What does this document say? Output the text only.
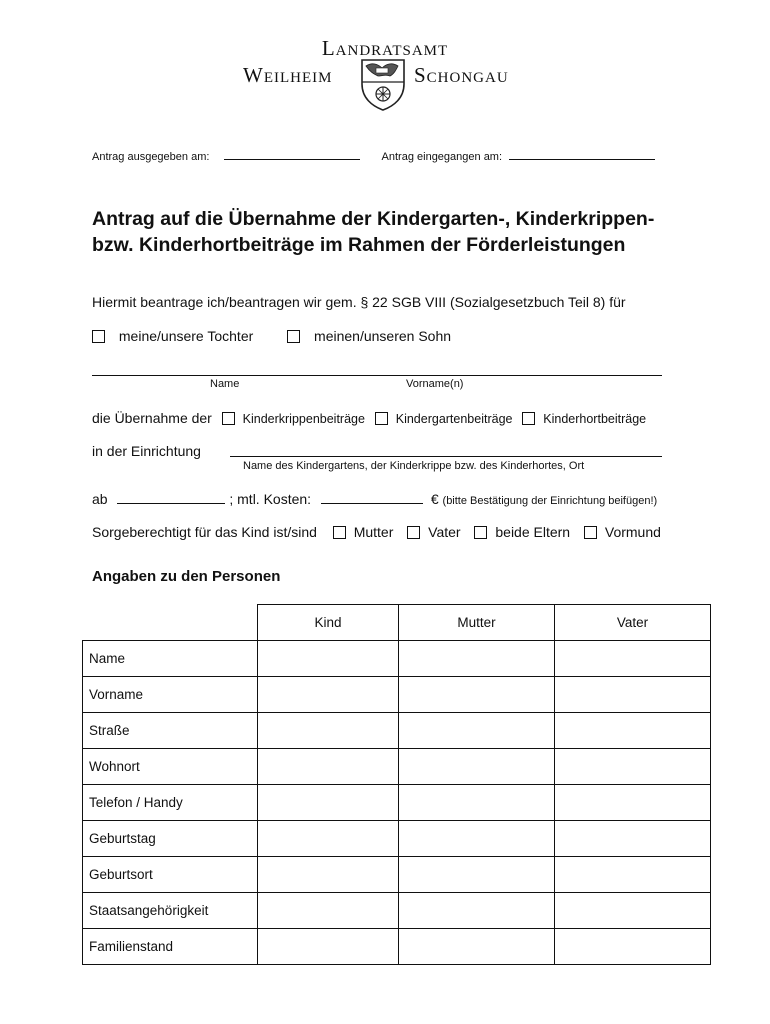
Landratsamt
Weilheim	Schongau
Antrag ausgegeben am:	Antrag eingegangen am:
Antrag auf die Übernahme der Kindergarten-, Kinderkrippen-
bzw. Kinderhortbeiträge im Rahmen der Förderleistungen
Hiermit beantrage ich/beantragen wir gem. § 22 SGB VIII (Sozialgesetzbuch Teil 8) für
meine/unsere Tochter	meinen/unseren Sohn
Name	Vorname(n)
die Übernahme der Kinderkrippenbeiträge Kindergartenbeiträge Kinderhortbeiträge
in der Einrichtung
Name des Kindergartens, der Kinderkrippe bzw. des Kinderhortes, Ort
ab	; mtl. Kosten:	€ (bitte Bestätigung der Einrichtung beifügen!)
Sorgeberechtigt für das Kind ist/sind	Mutter Vater beide Eltern Vormund
Angaben zu den Personen
	Kind	Mutter	Vater
Name			
Vorname			
Straße			
Wohnort			
Telefon / Handy			
Geburtstag			
Geburtsort			
Staatsangehörigkeit			
Familienstand			
